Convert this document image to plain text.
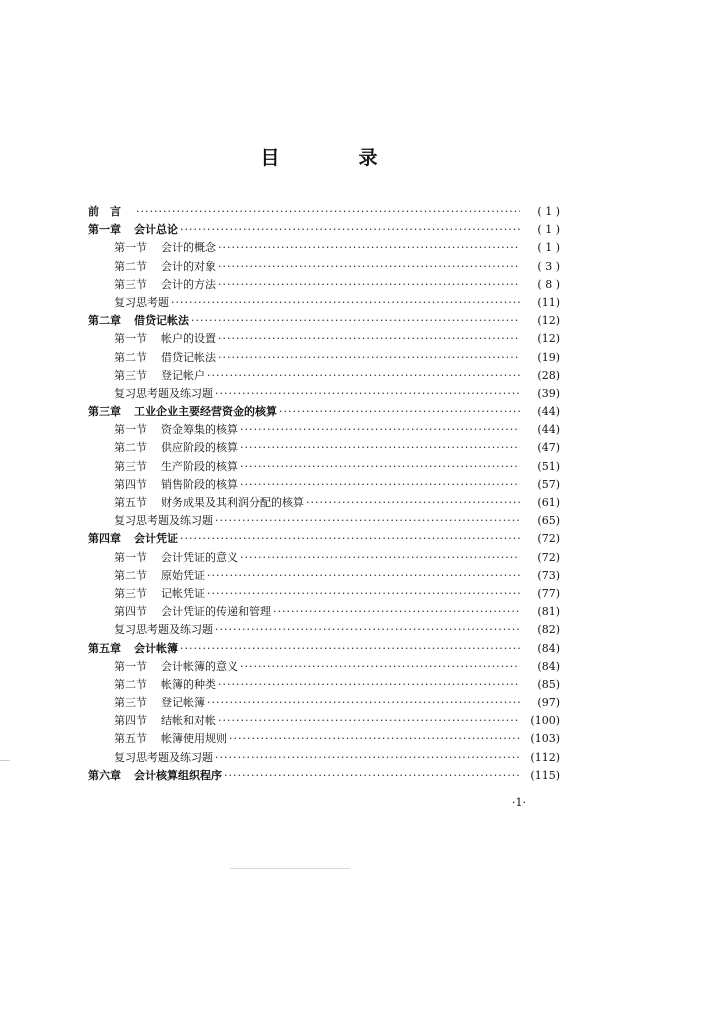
目　录
前　言 ·····	( 1 )
第一章 会计总论 ·····	( 1 )
第一节 会计的概念 ·····	( 1 )
第二节 会计的对象 ·····	( 3 )
第三节 会计的方法 ·····	( 8 )
复习思考题 ·····	(11)
第二章 借贷记帐法 ·····	(12)
第一节 帐户的设置 ·····	(12)
第二节 借贷记帐法 ·····	(19)
第三节 登记帐户 ·····	(28)
复习思考题及练习题 ·····	(39)
第三章 工业企业主要经营资金的核算 ·····	(44)
第一节 资金筹集的核算 ·····	(44)
第二节 供应阶段的核算 ·····	(47)
第三节 生产阶段的核算 ·····	(51)
第四节 销售阶段的核算 ·····	(57)
第五节 财务成果及其利润分配的核算 ·····	(61)
复习思考题及练习题 ·····	(65)
第四章 会计凭证 ·····	(72)
第一节 会计凭证的意义 ·····	(72)
第二节 原始凭证 ·····	(73)
第三节 记帐凭证 ·····	(77)
第四节 会计凭证的传递和管理 ·····	(81)
复习思考题及练习题 ·····	(82)
第五章 会计帐簿 ·····	(84)
第一节 会计帐簿的意义 ·····	(84)
第二节 帐簿的种类 ·····	(85)
第三节 登记帐簿 ·····	(97)
第四节 结帐和对帐 ·····	(100)
第五节 帐簿使用规则 ·····	(103)
复习思考题及练习题 ·····	(112)
第六章 会计核算组织程序 ·····	(115)
·1·
